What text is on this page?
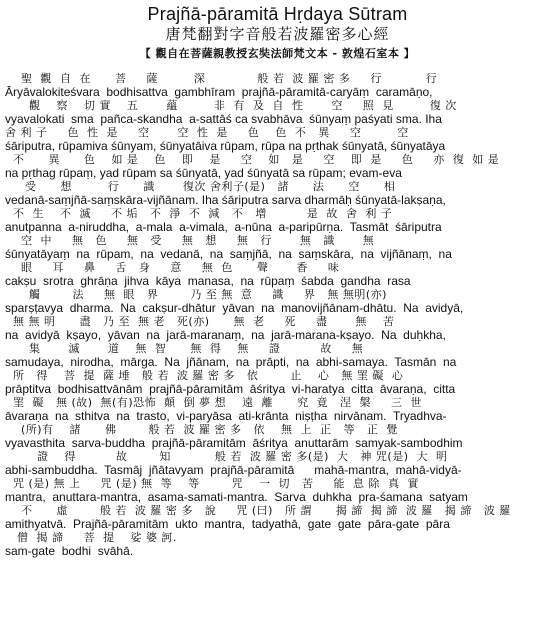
Prajñā-pāramitā Hṛdaya Sūtram
唐梵翻對字音般若波羅密多心經
【 觀自在菩薩親教授玄奘法師梵文本 - 敦煌石室本 】
聖  觀  自  在      菩     薩         深             般 若  波 羅 密 多     行           行
Āryāvalokiteśvara  bodhisattva  gambhīram  prajñā-pāramitā-caryāṃ  caramāṇo,
觀    察    切 實    五       蘊         非  有  及  自  性       空     照  見         復 次
vyavalokati  sma  pañca-skandha  a-sattāś ca svabhāva  śūnyaṃ paśyati sma. Iha
舍 利 子     色  性  是     空       空  性  是     色    色  不   異     空         空
śāriputra, rūpamiva śūnyam, śūnyatāiva rūpam, rūpa na pṛthak śūnyatā, śūnyatāya
不      異      色    如 是    色    即    是     空    如   是     空    即  是     色     亦  復  如 是
na pṛthag rūpaṃ, yad rūpam sa śūnyatā, yad śūnyatā sa rūpam; evam-eva
受      想         行      識       復次 舍利子(是)   諸      法      空      相
vedanā-saṃjñā-saṃskāra-vijñānam. Iha śāriputra sarva dharmāḥ śūnyatā-lakṣaṇa,
不  生    不  滅     不 垢   不  淨  不  減   不   增          是  故  舍  利 子
anutpanna  a-niruddha,  a-mala  a-vimala,  a-nūna  a-paripūrṇa.  Tasmāt  śāriputra
空  中     無   色     無   受     無   想     無   行       無   識       無
śūnyatāyaṃ  na  rūpam,  na  vedanā,  na  saṃjñā,  na  saṃskāra,  na  vijñānaṃ,  na
眼     耳     鼻     舌   身     意     無  色      聲       香     味
cakṣu  srotra  ghrāṇa  jihva  kāya  manasa,  na  rūpaṃ  śabda  gandha  rasa
觸        法     無  眼   界        乃 至 無  意     識     界   無 無明(亦)
sparṣṭavya  dharma.  Na  cakṣur-dhātur  yāvan  na  manovijñānam-dhātu.  Na  avidyā,
無 無 明      盡   乃 至  無 老   死(亦)      無  老     死     盡       無    苦
na  avidyā  kṣayo,  yāvan  na  jarā-maranaṃ,  na  jarā-marana-kṣayo.  Na  duḥkha,
集       滅       道    無  智      無  得    無     證          故     無
samudaya,  nirodha,  mārga.  Na  jñānam,  na  prāpti,  na  abhi-samaya.  Tasmān  na
所   得    菩  提  薩 埵   般 若  波 羅 密 多   依        止    心   無 罣 礙  心
prāptitva  bodhisattvānām  prajñā-pāramitām  āśritya  vi-haratya  citta  āvaraṇa,  citta
罣  礙   無 (故)  無(有)恐怖  顛  倒 夢 想    遠  離      究  竟   涅  槃     三  世
āvaraṇa  na  sthitva  na  trasto,  vi-paryāsa  ati-krānta  niṣṭha  nirvānam.  Tryadhva-
(所)有    諸      佛        般 若  波 羅 密 多   依    無  上  正   等   正  覺
vyavasthita  sarva-buddha  prajñā-pāramitām  āśritya  anuttarām  samyak-sambodhim
證    得          故        知           般 若  波 羅 密 多(是)  大   神 咒(是)  大  明
abhi-sambuddha.  Tasmāj  jñātavyam  prajñā-pāramitā      mahā-mantra,  mahā-vidyā-
咒 (是) 無 上     咒 (是) 無  等    等        咒    一  切   苦     能  息 除  真  實
mantra,  anuttara-mantra,  asama-samati-mantra.  Sarva  duhkha  pra-śamana  satyam
不      虛        般 若  波 羅 密 多   說     咒 (曰)   所 謂      揭 諦  揭 諦  波 羅   揭 諦   波 羅
amithyatvā.  Prajñā-pāramitām  ukto  mantra,  tadyathā,  gate  gate  pāra-gate  pāra
僧  揭 諦     菩  提    娑 婆 訶.
sam-gate  bodhi  svāhā.
